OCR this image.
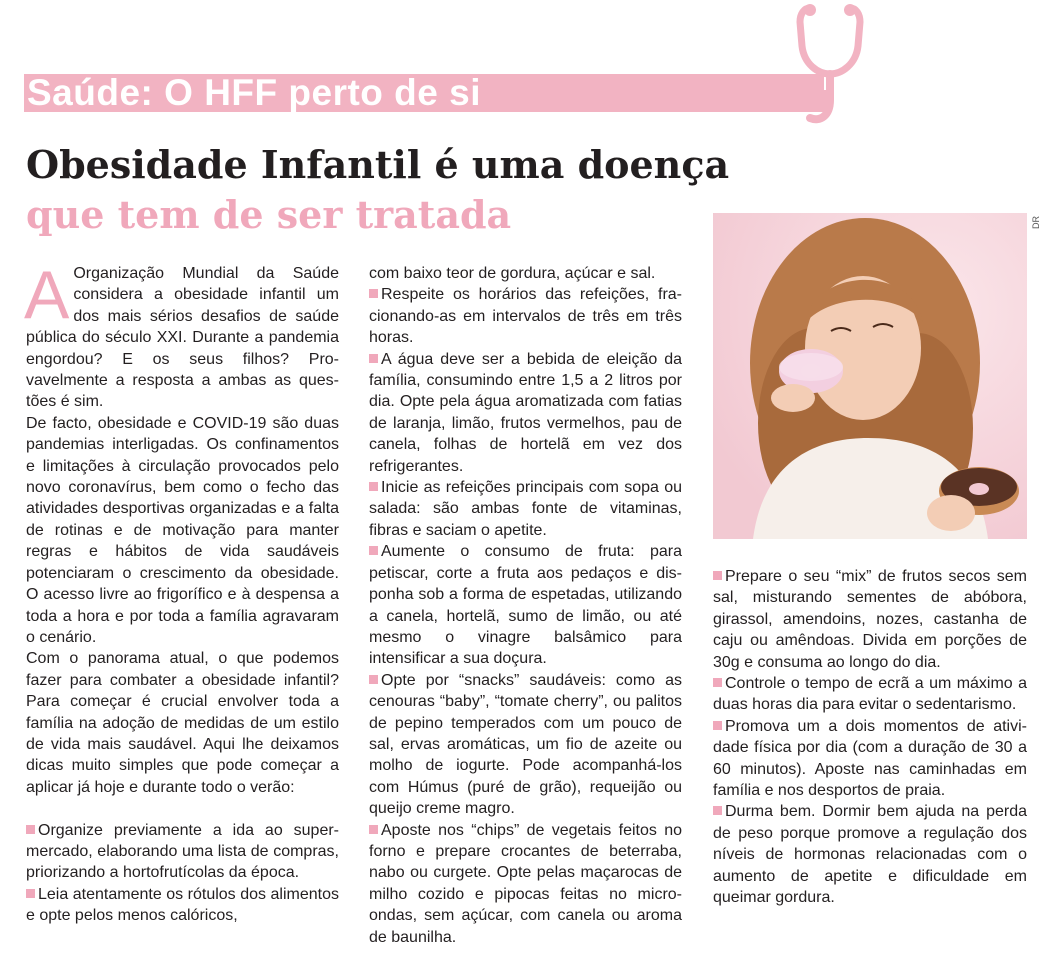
Saúde: O HFF perto de si
Obesidade Infantil é uma doença
que tem de ser tratada	DR

A Organização Mundial da Saúde considera a obesidade infantil um dos mais sérios desafios de saúde pública do século XXI. Durante a pandemia engordou? E os seus filhos? Provavelmente a resposta a ambas as questões é sim.

De facto, obesidade e COVID-19 são duas pandemias interligadas. Os confinamentos e limitações à circulação provocados pelo novo coronavírus, bem como o fecho das atividades desportivas organizadas e a falta de rotinas e de motivação para manter regras e hábitos de vida saudáveis potenciaram o crescimento da obesidade. O acesso livre ao frigorífico e à despensa a toda a hora e por toda a família agravaram o cenário.

Com o panorama atual, o que podemos fazer para combater a obesidade infantil? Para começar é crucial envolver toda a família na adoção de medidas de um estilo de vida mais saudável. Aqui lhe deixamos dicas muito simples que pode começar a aplicar já hoje e durante todo o verão:

Organize previamente a ida ao supermercado, elaborando uma lista de compras, priorizando a hortofrutícolas da época.

Leia atentamente os rótulos dos alimentos e opte pelos menos calóricos,

com baixo teor de gordura, açúcar e sal.

Respeite os horários das refeições, fracionando-as em intervalos de três em três horas.

A água deve ser a bebida de eleição da família, consumindo entre 1,5 a 2 litros por dia. Opte pela água aromatizada com fatias de laranja, limão, frutos vermelhos, pau de canela, folhas de hortelã em vez dos refrigerantes.

Inicie as refeições principais com sopa ou salada: são ambas fonte de vitaminas, fibras e saciam o apetite.

Aumente o consumo de fruta: para petiscar, corte a fruta aos pedaços e disponha sob a forma de espetadas, utilizando a canela, hortelã, sumo de limão, ou até mesmo o vinagre balsâmico para intensificar a sua doçura.

Opte por “snacks” saudáveis: como as cenouras “baby”, “tomate cherry”, ou palitos de pepino temperados com um pouco de sal, ervas aromáticas, um fio de azeite ou molho de iogurte. Pode acompanhá-los com Húmus (puré de grão), requeijão ou queijo creme magro.

Aposte nos “chips” de vegetais feitos no forno e prepare crocantes de beterraba, nabo ou curgete. Opte pelas maçarocas de milho cozido e pipocas feitas no micro-ondas, sem açúcar, com canela ou aroma de baunilha.

Prepare o seu “mix” de frutos secos sem sal, misturando sementes de abóbora, girassol, amendoins, nozes, castanha de caju ou amêndoas. Divida em porções de 30g e consuma ao longo do dia.

Controle o tempo de ecrã a um máximo a duas horas dia para evitar o sedentarismo.

Promova um a dois momentos de atividade física por dia (com a duração de 30 a 60 minutos). Aposte nas caminhadas em família e nos desportos de praia.

Durma bem. Dormir bem ajuda na perda de peso porque promove a regulação dos níveis de hormonas relacionadas com o aumento de apetite e dificuldade em queimar gordura.
